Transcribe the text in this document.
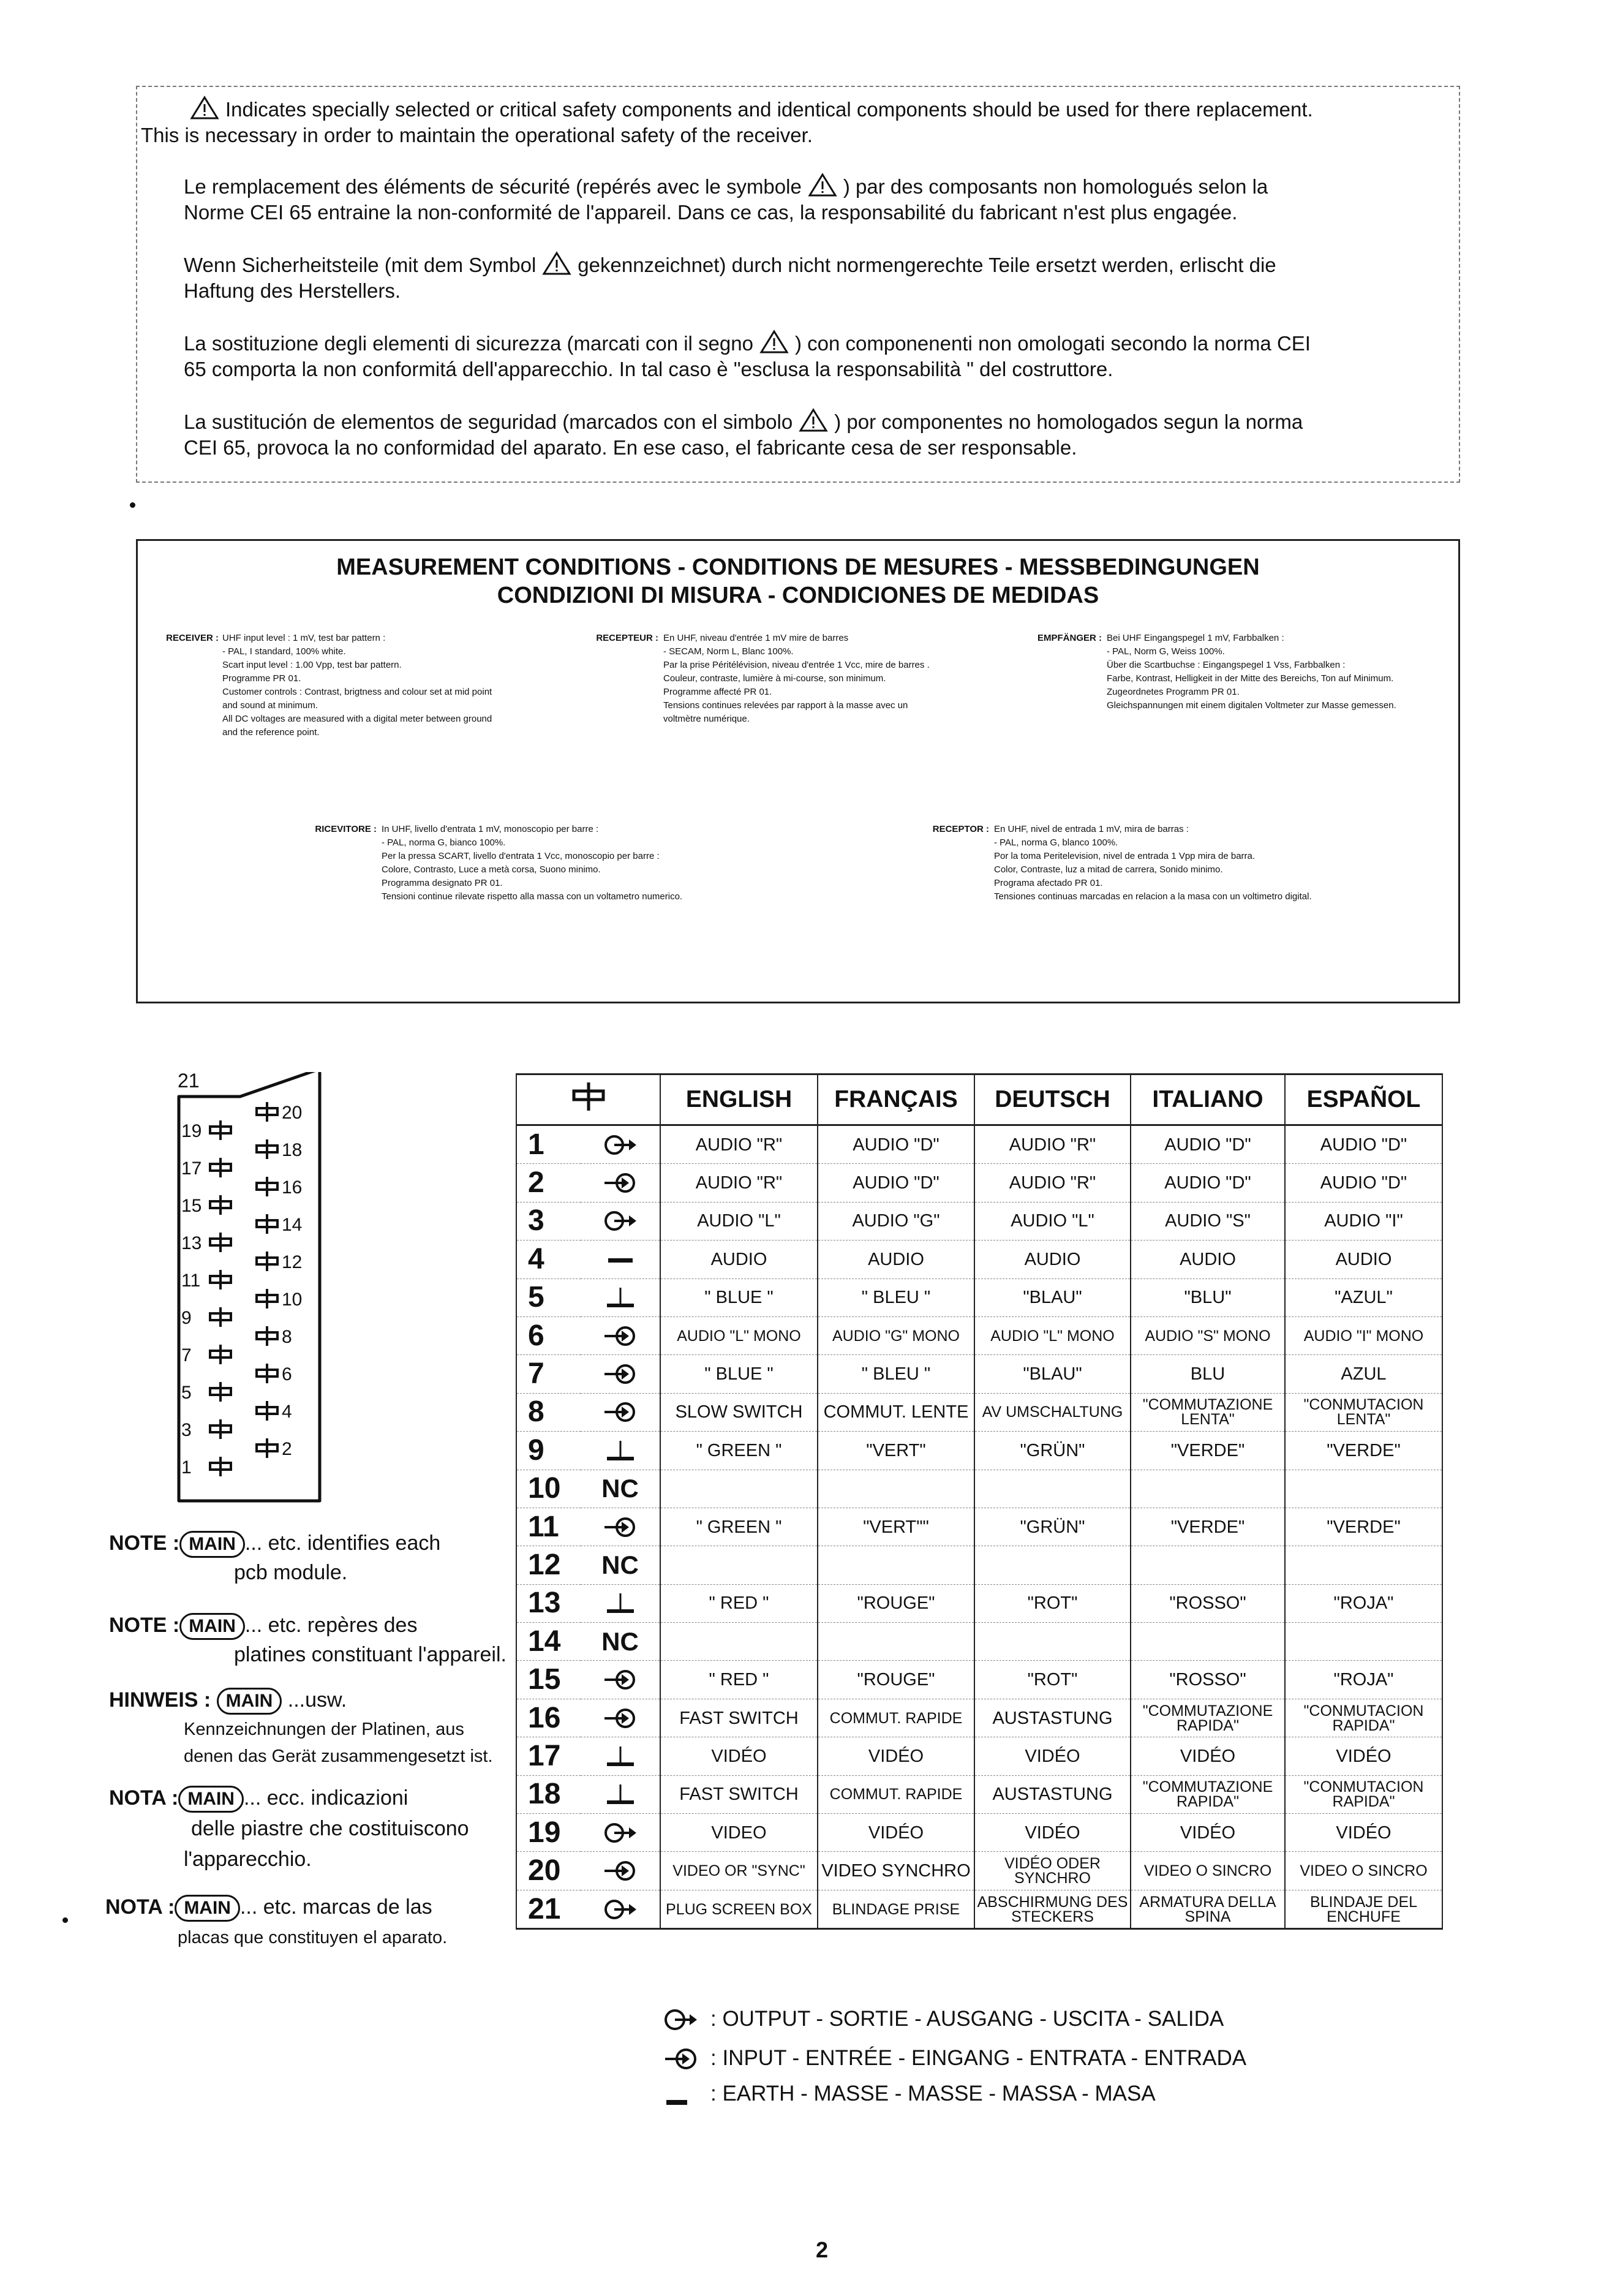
Indicates specially selected or critical safety components and identical components should be used for there replacement.
This is necessary in order to maintain the operational safety of the receiver.

Le remplacement des éléments de sécurité (repérés avec le symbole ) par des composants non homologués selon la
Norme CEI 65 entraine la non-conformité de l'appareil. Dans ce cas, la responsabilité du fabricant n'est plus engagée.

Wenn Sicherheitsteile (mit dem Symbol gekennzeichnet) durch nicht normengerechte Teile ersetzt werden, erlischt die
Haftung des Herstellers.

La sostituzione degli elementi di sicurezza (marcati con il segno ) con componenenti non omologati secondo la norma CEI
65 comporta la non conformitá dell'apparecchio. In tal caso è "esclusa la responsabilità " del costruttore.

La sustitución de elementos de seguridad (marcados con el simbolo ) por componentes no homologados segun la norma
CEI 65, provoca la no conformidad del aparato. En ese caso, el fabricante cesa de ser responsable.

MEASUREMENT CONDITIONS - CONDITIONS DE MESURES - MESSBEDINGUNGEN
CONDIZIONI DI MISURA - CONDICIONES DE MEDIDAS
RECEIVER : UHF input level : 1 mV, test bar pattern :
- PAL, I standard, 100% white.
Scart input level : 1.00 Vpp, test bar pattern.
Programme PR 01.
Customer controls : Contrast, brigtness and colour set at mid point
and sound at minimum.
All DC voltages are measured with a digital meter between ground
and the reference point.
RECEPTEUR : En UHF, niveau d'entrée 1 mV mire de barres
- SECAM, Norm L, Blanc 100%.
Par la prise Péritélévision, niveau d'entrée 1 Vcc, mire de barres .
Couleur, contraste, lumière à mi-course, son minimum.
Programme affecté PR 01.
Tensions continues relevées par rapport à la masse avec un
voltmètre numérique.
EMPFÄNGER : Bei UHF Eingangspegel 1 mV, Farbbalken :
- PAL, Norm G, Weiss 100%.
Über die Scartbuchse : Eingangspegel 1 Vss, Farbbalken :
Farbe, Kontrast, Helligkeit in der Mitte des Bereichs, Ton auf Minimum.
Zugeordnetes Programm PR 01.
Gleichspannungen mit einem digitalen Voltmeter zur Masse gemessen.
RICEVITORE : In UHF, livello d'entrata 1 mV, monoscopio per barre :
- PAL, norma G, bianco 100%.
Per la pressa SCART, livello d'entrata 1 Vcc, monoscopio per barre :
Colore, Contrasto, Luce a metà corsa, Suono minimo.
Programma designato PR 01.
Tensioni continue rilevate rispetto alla massa con un voltametro numerico.
RECEPTOR : En UHF, nivel de entrada 1 mV, mira de barras :
- PAL, norma G, blanco 100%.
Por la toma Peritelevision, nivel de entrada 1 Vpp mira de barra.
Color, Contraste, luz a mitad de carrera, Sonido minimo.
Programa afectado PR 01.
Tensiones continuas marcadas en relacion a la masa con un voltimetro digital.
21
19
20
17
18
15
16
13
14
11
12
9
10
7
8
5
6
3
4
1
2
NOTE : MAIN ... etc. identifies each
pcb module.
NOTE : MAIN ... etc. repères des
platines constituant l'appareil.
HINWEIS : MAIN ...usw.
Kennzeichnungen der Platinen, aus
denen das Gerät zusammengesetzt ist.
NOTA : MAIN ... ecc. indicazioni
delle piastre che costituiscono
l'apparecchio.
NOTA : MAIN ... etc. marcas de las
placas que constituyen el aparato.
	ENGLISH	FRANÇAIS	DEUTSCH	ITALIANO	ESPAÑOL
1		AUDIO "R"	AUDIO "D"	AUDIO "R"	AUDIO "D"	AUDIO "D"
2		AUDIO "R"	AUDIO "D"	AUDIO "R"	AUDIO "D"	AUDIO "D"
3		AUDIO "L"	AUDIO "G"	AUDIO "L"	AUDIO "S"	AUDIO "I"
4		AUDIO	AUDIO	AUDIO	AUDIO	AUDIO
5		" BLUE "	" BLEU "	"BLAU"	"BLU"	"AZUL"
6		AUDIO "L" MONO	AUDIO "G" MONO	AUDIO "L" MONO	AUDIO "S" MONO	AUDIO "I" MONO
7		" BLUE "	" BLEU "	"BLAU"	BLU	AZUL
8		SLOW SWITCH	COMMUT. LENTE	AV UMSCHALTUNG	"COMMUTAZIONE LENTA"	"CONMUTACION LENTA"
9		" GREEN "	"VERT"	"GRÜN"	"VERDE"	"VERDE"
10	NC					
11		" GREEN "	"VERT""	"GRÜN"	"VERDE"	"VERDE"
12	NC					
13		" RED "	"ROUGE"	"ROT"	"ROSSO"	"ROJA"
14	NC					
15		" RED "	"ROUGE"	"ROT"	"ROSSO"	"ROJA"
16		FAST SWITCH	COMMUT. RAPIDE	AUSTASTUNG	"COMMUTAZIONE RAPIDA"	"CONMUTACION RAPIDA"
17		VIDÉO	VIDÉO	VIDÉO	VIDÉO	VIDÉO
18		FAST SWITCH	COMMUT. RAPIDE	AUSTASTUNG	"COMMUTAZIONE RAPIDA"	"CONMUTACION RAPIDA"
19		VIDEO	VIDÉO	VIDÉO	VIDÉO	VIDÉO
20		VIDEO OR "SYNC"	VIDEO SYNCHRO	VIDÉO ODER SYNCHRO	VIDEO O SINCRO	VIDEO O SINCRO
21		PLUG SCREEN BOX	BLINDAGE PRISE	ABSCHIRMUNG DES STECKERS	ARMATURA DELLA SPINA	BLINDAJE DEL ENCHUFE
: OUTPUT - SORTIE - AUSGANG - USCITA - SALIDA
: INPUT - ENTRÉE - EINGANG - ENTRATA - ENTRADA
: EARTH - MASSE - MASSE - MASSA - MASA
2
